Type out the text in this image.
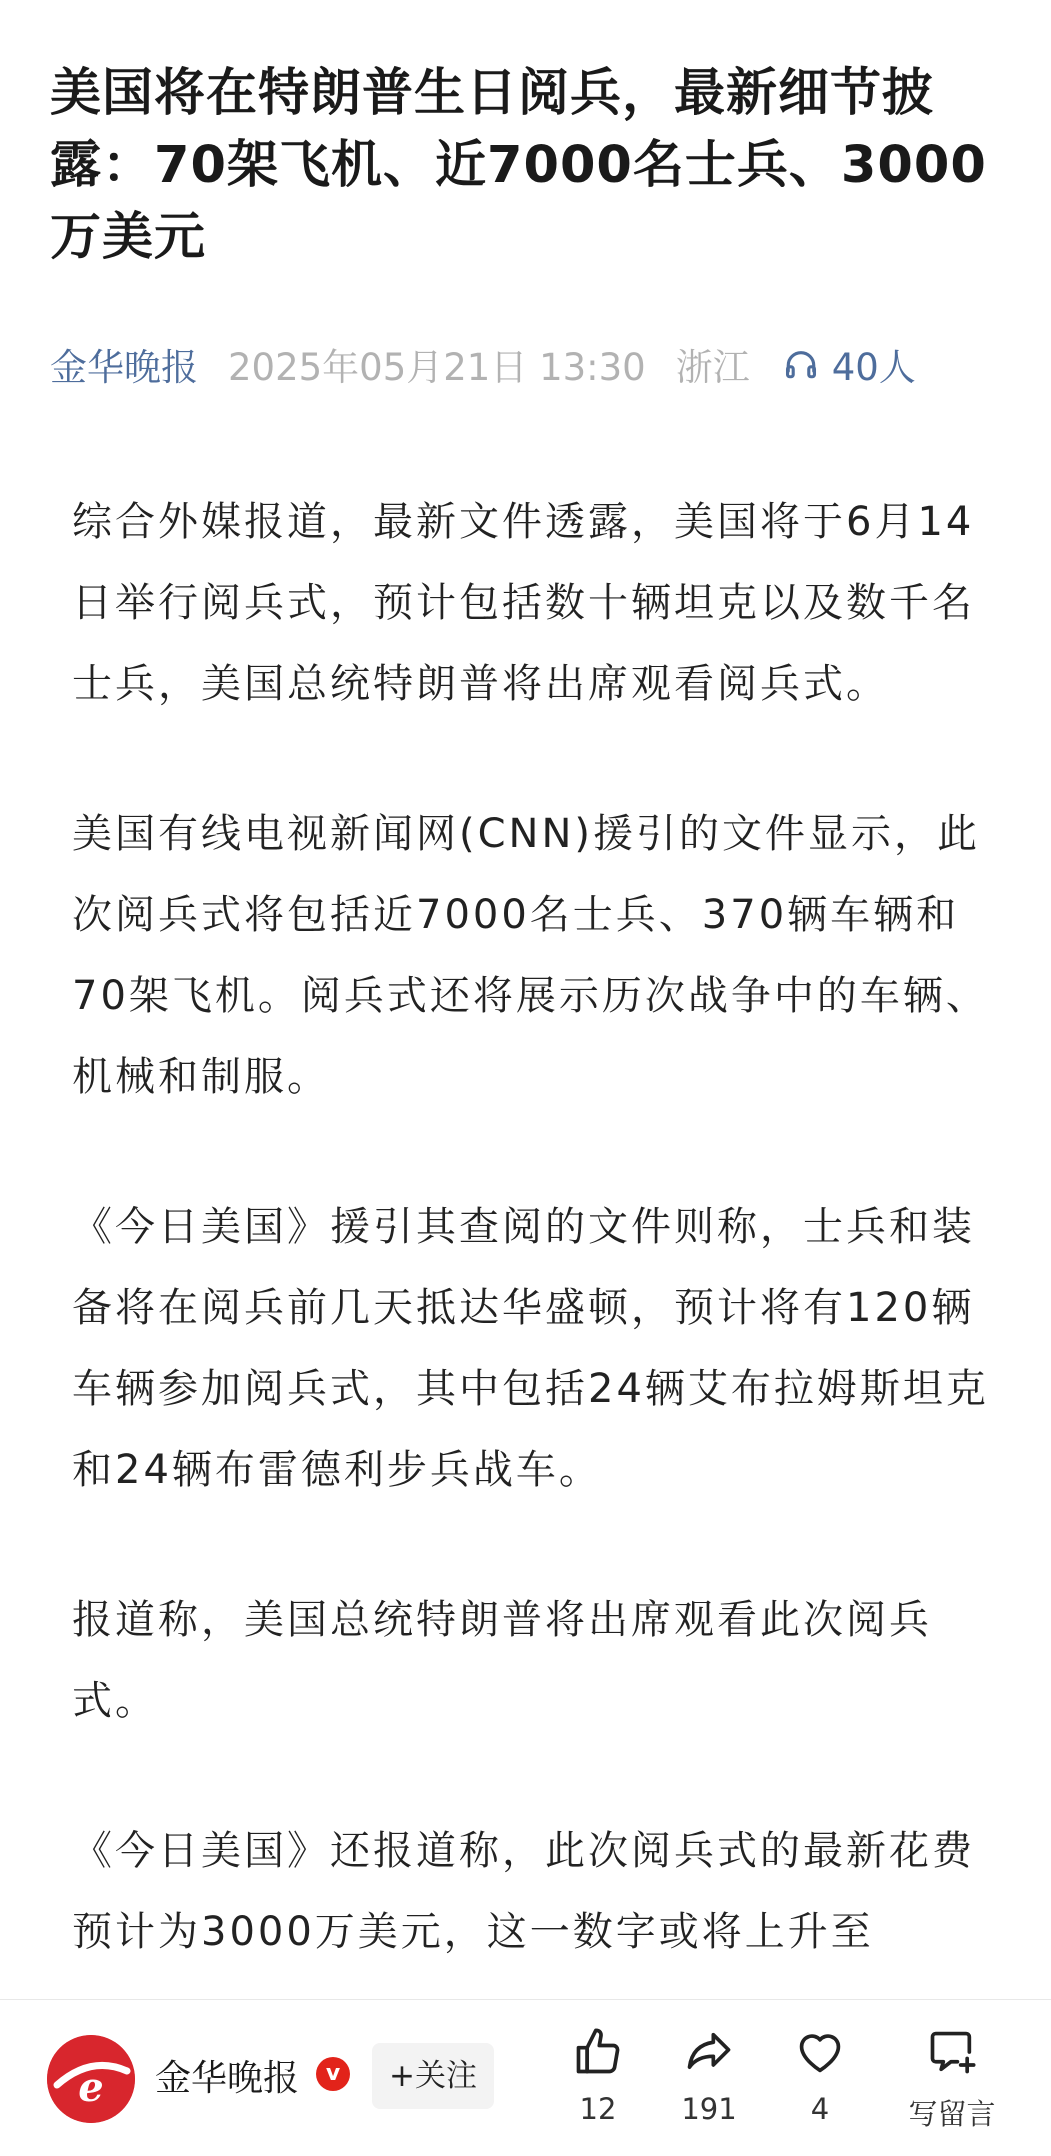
美国将在特朗普生日阅兵，最新细节披露：70架飞机、近7000名士兵、3000万美元
金华晚报 2025年05月21日 13:30 浙江 40人

综合外媒报道，最新文件透露，美国将于6月14日举行阅兵式，预计包括数十辆坦克以及数千名士兵，美国总统特朗普将出席观看阅兵式。

美国有线电视新闻网(CNN)援引的文件显示，此次阅兵式将包括近7000名士兵、370辆车辆和70架飞机。阅兵式还将展示历次战争中的车辆、机械和制服。

《今日美国》援引其查阅的文件则称，士兵和装备将在阅兵前几天抵达华盛顿，预计将有120辆车辆参加阅兵式，其中包括24辆艾布拉姆斯坦克和24辆布雷德利步兵战车。

报道称，美国总统特朗普将出席观看此次阅兵式。

《今日美国》还报道称，此次阅兵式的最新花费预计为3000万美元，这一数字或将上升至

e 金华晚报	v	+关注
12	191	4	写留言
